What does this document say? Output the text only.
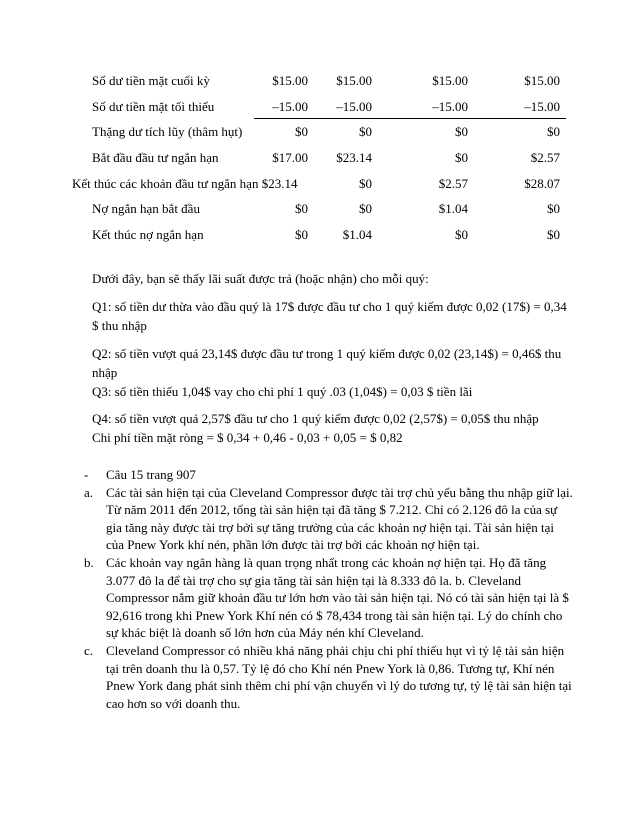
Số dư tiền mặt cuối kỳ	$15.00	$15.00	$15.00	$15.00
Số dư tiền mặt tối thiểu	–15.00	–15.00	–15.00	–15.00
Thặng dư tích lũy (thâm hụt)	$0	$0	$0	$0
Bắt đầu đầu tư ngắn hạn	$17.00	$23.14	$0	$2.57
Kết thúc các khoản đầu tư ngắn hạn $23.14	$0	$2.57	$28.07
Nợ ngắn hạn bắt đầu	$0	$0	$1.04	$0
Kết thúc nợ ngắn hạn	$0	$1.04	$0	$0

Dưới đây, bạn sẽ thấy lãi suất được trả (hoặc nhận) cho mỗi quý:

Q1: số tiền dư thừa vào đầu quý là 17$ được đầu tư cho 1 quý kiếm được 0,02 (17$) = 0,34 $ thu nhập

Q2: số tiền vượt quá 23,14$ được đầu tư trong 1 quý kiếm được 0,02 (23,14$) = 0,46$ thu nhập

Q3: số tiền thiếu 1,04$ vay cho chi phí 1 quý .03 (1,04$) = 0,03 $ tiền lãi

Q4: số tiền vượt quá 2,57$ đầu tư cho 1 quý kiếm được 0,02 (2,57$) = 0,05$ thu nhập

Chi phí tiền mặt ròng = $ 0,34 + 0,46 - 0,03 + 0,05 = $ 0,82

- Câu 15 trang 907
a. Các tài sản hiện tại của Cleveland Compressor được tài trợ chủ yếu bằng thu nhập giữ lại. Từ năm 2011 đến 2012, tổng tài sản hiện tại đã tăng $ 7.212. Chỉ có 2.126 đô la của sự gia tăng này được tài trợ bởi sự tăng trưởng của các khoản nợ hiện tại. Tài sản hiện tại của Pnew York khí nén, phần lớn được tài trợ bởi các khoản nợ hiện tại.
b. Các khoản vay ngân hàng là quan trọng nhất trong các khoản nợ hiện tại. Họ đã tăng 3.077 đô la để tài trợ cho sự gia tăng tài sản hiện tại là 8.333 đô la. b. Cleveland Compressor nắm giữ khoản đầu tư lớn hơn vào tài sản hiện tại. Nó có tài sản hiện tại là $ 92,616 trong khi Pnew York Khí nén có $ 78,434 trong tài sản hiện tại. Lý do chính cho sự khác biệt là doanh số lớn hơn của Máy nén khí Cleveland.
c. Cleveland Compressor có nhiều khả năng phải chịu chi phí thiếu hụt vì tỷ lệ tài sản hiện tại trên doanh thu là 0,57. Tỷ lệ đó cho Khí nén Pnew York là 0,86. Tương tự, Khí nén Pnew York đang phát sinh thêm chi phí vận chuyển vì lý do tương tự, tỷ lệ tài sản hiện tại cao hơn so với doanh thu.
